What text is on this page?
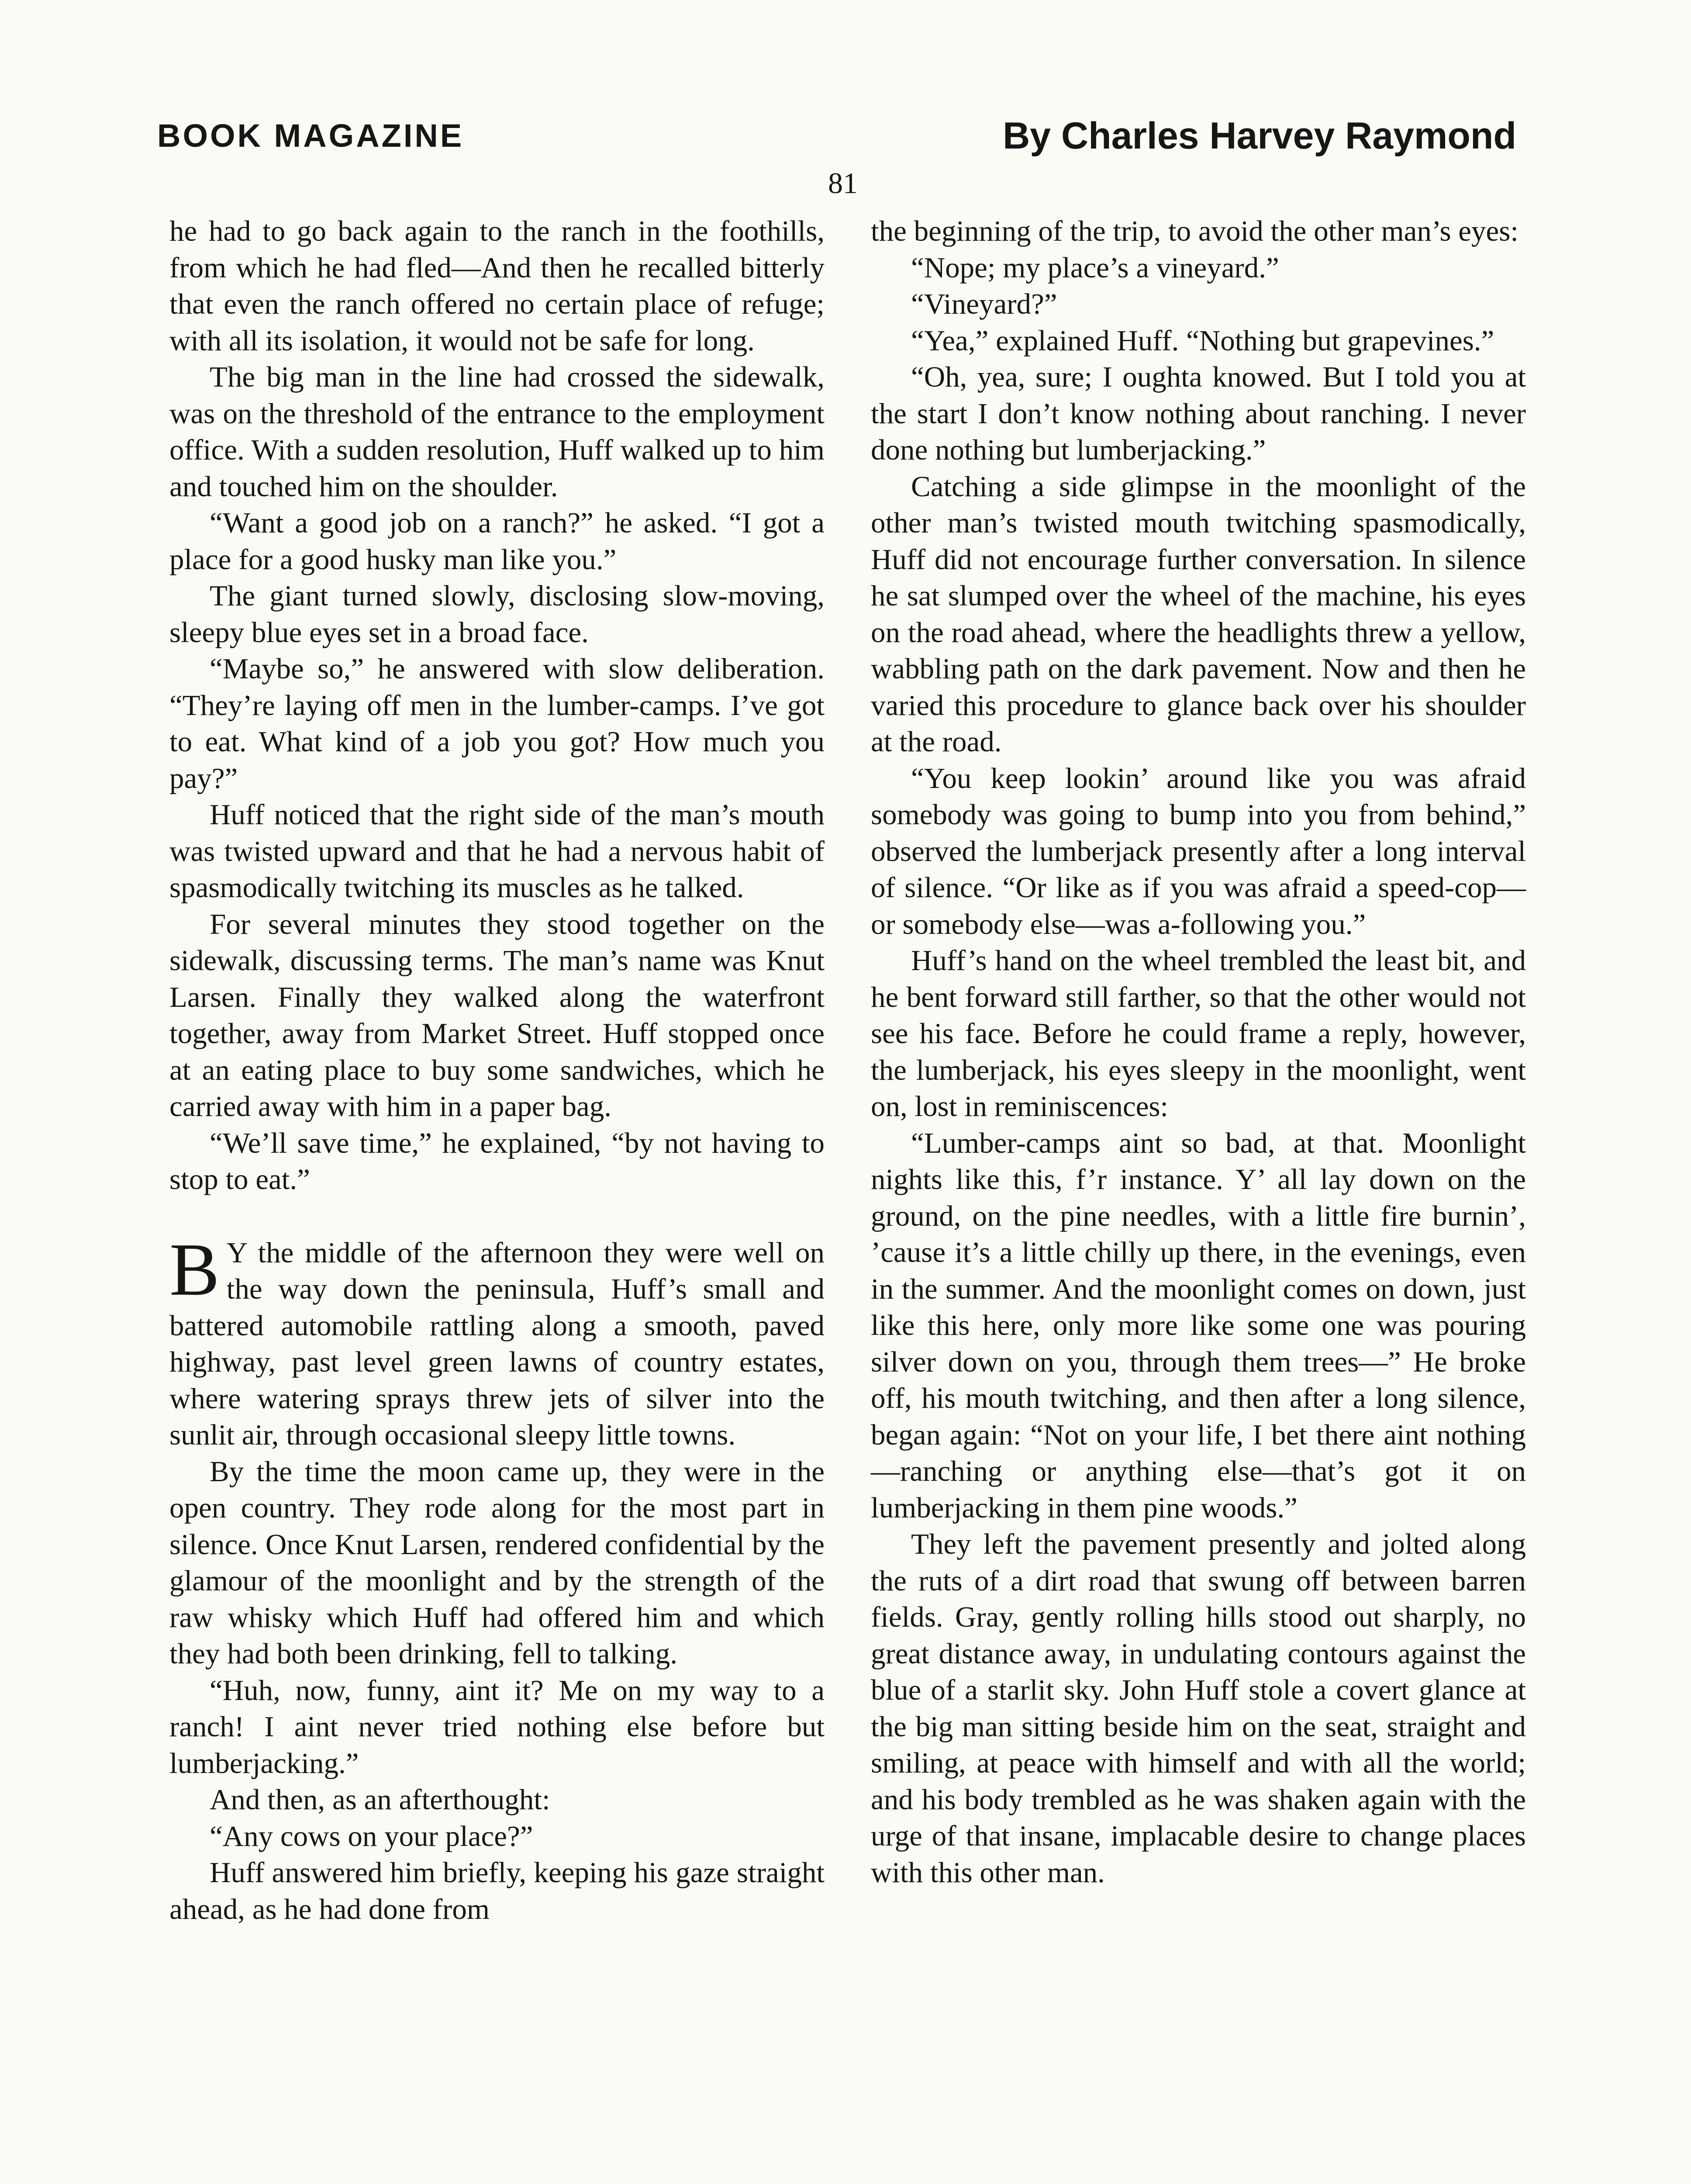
BOOK MAGAZINE	By Charles Harvey Raymond
81

he had to go back again to the ranch in the foothills, from which he had fled—And then he recalled bitterly that even the ranch offered no certain place of refuge; with all its isolation, it would not be safe for long.

The big man in the line had crossed the sidewalk, was on the threshold of the entrance to the employment office. With a sudden resolution, Huff walked up to him and touched him on the shoulder.

“Want a good job on a ranch?” he asked. “I got a place for a good husky man like you.”

The giant turned slowly, disclosing slow-moving, sleepy blue eyes set in a broad face.

“Maybe so,” he answered with slow deliberation. “They’re laying off men in the lumber-camps. I’ve got to eat. What kind of a job you got? How much you pay?”

Huff noticed that the right side of the man’s mouth was twisted upward and that he had a nervous habit of spasmodically twitching its muscles as he talked.

For several minutes they stood together on the sidewalk, discussing terms. The man’s name was Knut Larsen. Finally they walked along the waterfront together, away from Market Street. Huff stopped once at an eating place to buy some sandwiches, which he carried away with him in a paper bag.

“We’ll save time,” he explained, “by not having to stop to eat.”

B Y the middle of the afternoon they were well on the way down the peninsula, Huff’s small and battered automobile rattling along a smooth, paved highway, past level green lawns of country estates, where watering sprays threw jets of silver into the sunlit air, through occasional sleepy little towns.

By the time the moon came up, they were in the open country. They rode along for the most part in silence. Once Knut Larsen, rendered confidential by the glamour of the moonlight and by the strength of the raw whisky which Huff had offered him and which they had both been drinking, fell to talking.

“Huh, now, funny, aint it? Me on my way to a ranch! I aint never tried nothing else before but lumberjacking.”

And then, as an afterthought:

“Any cows on your place?”

Huff answered him briefly, keeping his gaze straight ahead, as he had done from

the beginning of the trip, to avoid the other man’s eyes:

“Nope; my place’s a vineyard.”

“Vineyard?”

“Yea,” explained Huff. “Nothing but grapevines.”

“Oh, yea, sure; I oughta knowed. But I told you at the start I don’t know nothing about ranching. I never done nothing but lumberjacking.”

Catching a side glimpse in the moonlight of the other man’s twisted mouth twitching spasmodically, Huff did not encourage further conversation. In silence he sat slumped over the wheel of the machine, his eyes on the road ahead, where the headlights threw a yellow, wabbling path on the dark pavement. Now and then he varied this procedure to glance back over his shoulder at the road.

“You keep lookin’ around like you was afraid somebody was going to bump into you from behind,” observed the lumberjack presently after a long interval of silence. “Or like as if you was afraid a speed-cop—or somebody else—was a-following you.”

Huff’s hand on the wheel trembled the least bit, and he bent forward still farther, so that the other would not see his face. Before he could frame a reply, however, the lumberjack, his eyes sleepy in the moonlight, went on, lost in reminiscences:

“Lumber-camps aint so bad, at that. Moonlight nights like this, f’r instance. Y’ all lay down on the ground, on the pine needles, with a little fire burnin’, ’cause it’s a little chilly up there, in the evenings, even in the summer. And the moonlight comes on down, just like this here, only more like some one was pouring silver down on you, through them trees—” He broke off, his mouth twitching, and then after a long silence, began again: “Not on your life, I bet there aint nothing—ranching or anything else—that’s got it on lumberjacking in them pine woods.”

They left the pavement presently and jolted along the ruts of a dirt road that swung off between barren fields. Gray, gently rolling hills stood out sharply, no great distance away, in undulating contours against the blue of a starlit sky. John Huff stole a covert glance at the big man sitting beside him on the seat, straight and smiling, at peace with himself and with all the world; and his body trembled as he was shaken again with the urge of that insane, implacable desire to change places with this other man.
